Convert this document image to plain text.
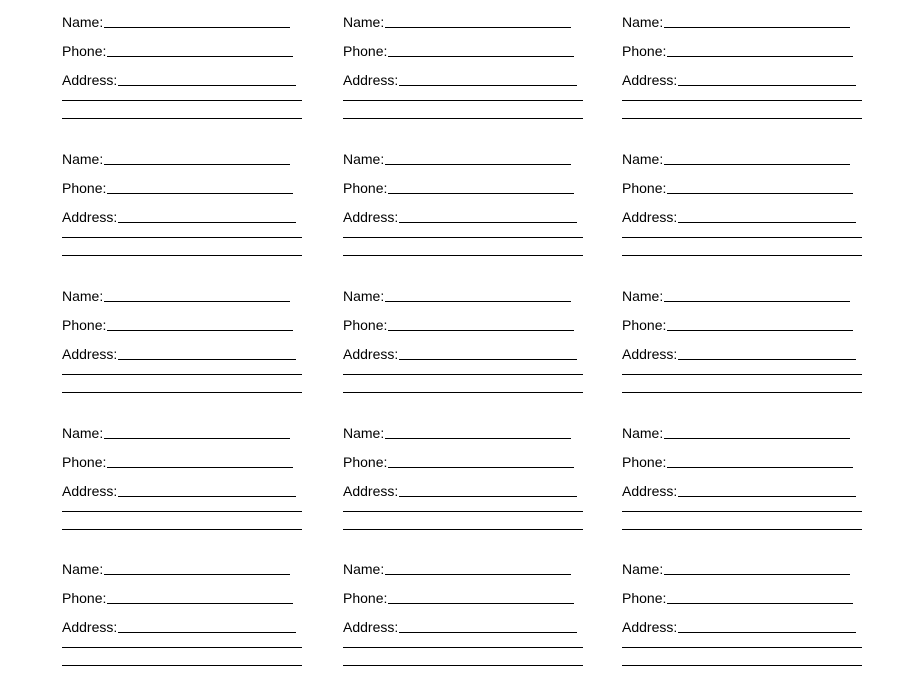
Name:
Phone:
Address:
Name:
Phone:
Address:
Name:
Phone:
Address:
Name:
Phone:
Address:
Name:
Phone:
Address:
Name:
Phone:
Address:
Name:
Phone:
Address:
Name:
Phone:
Address:
Name:
Phone:
Address:
Name:
Phone:
Address:
Name:
Phone:
Address:
Name:
Phone:
Address:
Name:
Phone:
Address:
Name:
Phone:
Address:
Name:
Phone:
Address:
